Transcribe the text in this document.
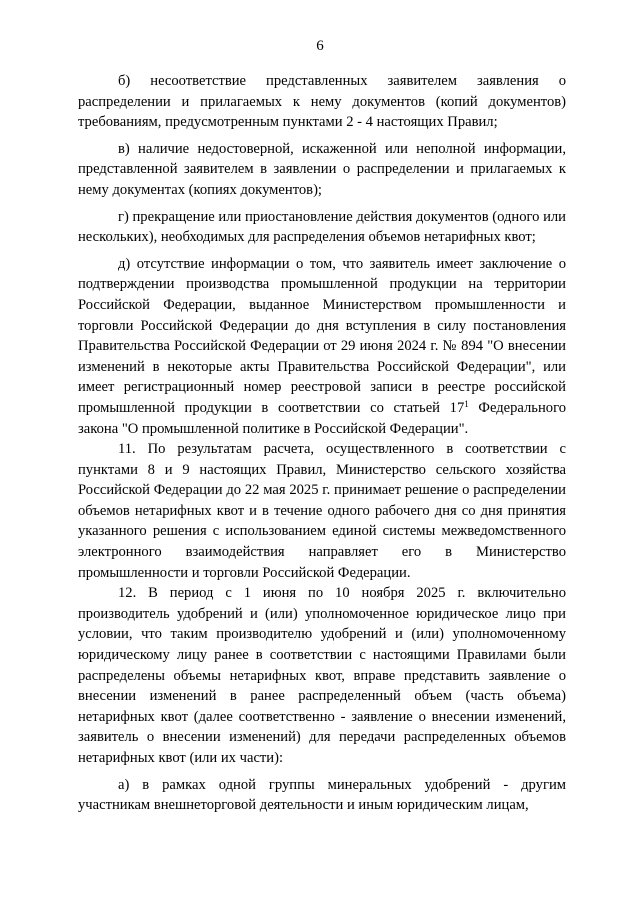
6

б) несоответствие представленных заявителем заявления о распределении и прилагаемых к нему документов (копий документов) требованиям, предусмотренным пунктами 2 - 4 настоящих Правил;

в) наличие недостоверной, искаженной или неполной информации, представленной заявителем в заявлении о распределении и прилагаемых к нему документах (копиях документов);

г) прекращение или приостановление действия документов (одного или нескольких), необходимых для распределения объемов нетарифных квот;

д) отсутствие информации о том, что заявитель имеет заключение о подтверждении производства промышленной продукции на территории Российской Федерации, выданное Министерством промышленности и торговли Российской Федерации до дня вступления в силу постановления Правительства Российской Федерации от 29 июня 2024 г. № 894 "О внесении изменений в некоторые акты Правительства Российской Федерации", или имеет регистрационный номер реестровой записи в реестре российской промышленной продукции в соответствии со статьей $17^1$ Федерального закона "О промышленной политике в Российской Федерации".

11. По результатам расчета, осуществленного в соответствии с пунктами 8 и 9 настоящих Правил, Министерство сельского хозяйства Российской Федерации до 22 мая 2025 г. принимает решение о распределении объемов нетарифных квот и в течение одного рабочего дня со дня принятия указанного решения с использованием единой системы межведомственного электронного взаимодействия направляет его в Министерство промышленности и торговли Российской Федерации.

12. В период с 1 июня по 10 ноября 2025 г. включительно производитель удобрений и (или) уполномоченное юридическое лицо при условии, что таким производителю удобрений и (или) уполномоченному юридическому лицу ранее в соответствии с настоящими Правилами были распределены объемы нетарифных квот, вправе представить заявление о внесении изменений в ранее распределенный объем (часть объема) нетарифных квот (далее соответственно - заявление о внесении изменений, заявитель о внесении изменений) для передачи распределенных объемов нетарифных квот (или их части):

а) в рамках одной группы минеральных удобрений - другим участникам внешнеторговой деятельности и иным юридическим лицам,
